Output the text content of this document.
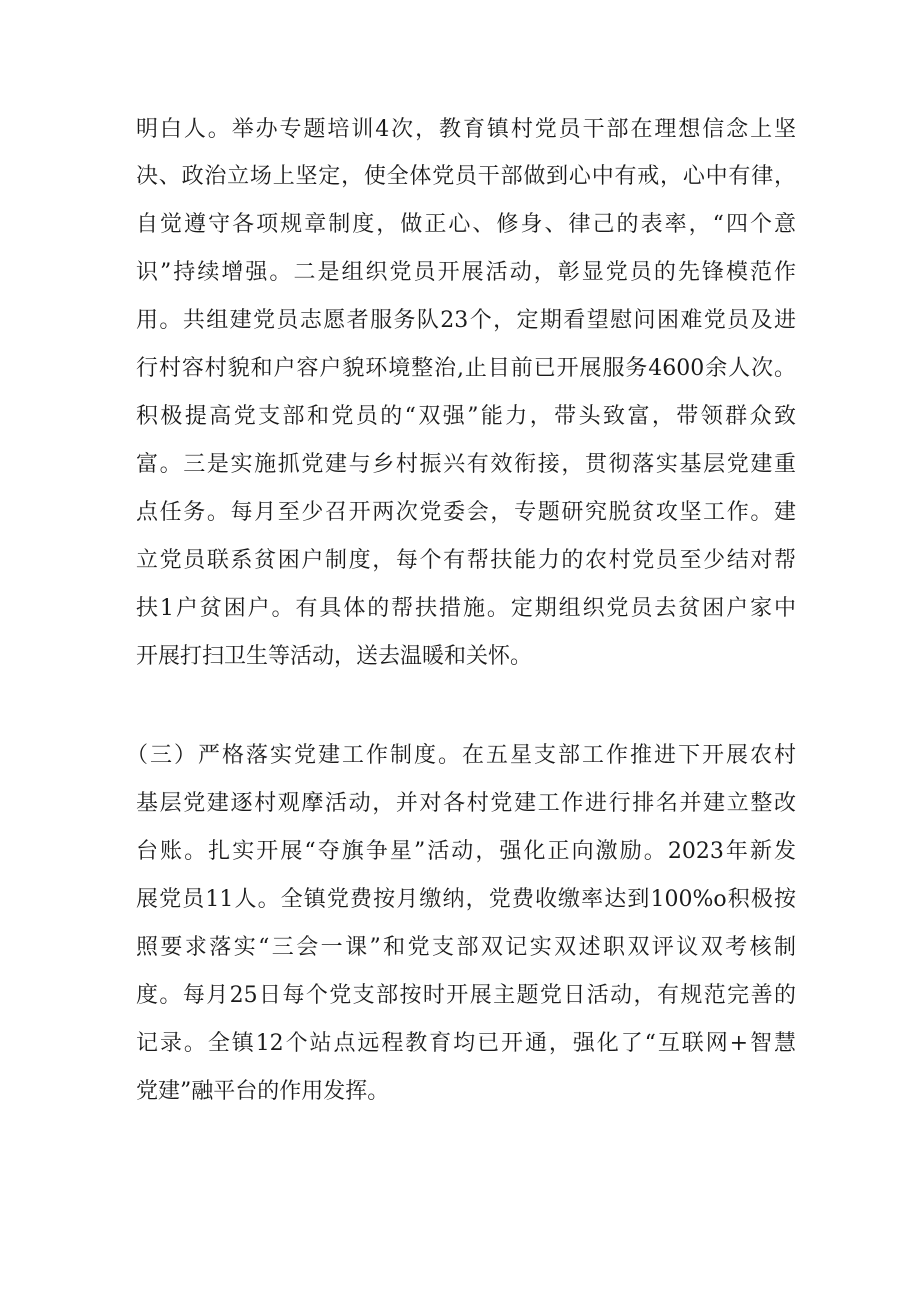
明白人。举办专题培训4次，教育镇村党员干部在理想信念上坚

决、政治立场上坚定，使全体党员干部做到心中有戒，心中有律，

自觉遵守各项规章制度，做正心、修身、律己的表率，“四个意

识”持续增强。二是组织党员开展活动，彰显党员的先锋模范作

用。共组建党员志愿者服务队23个，定期看望慰问困难党员及进

行村容村貌和户容户貌环境整治,止目前已开展服务4600余人次。

积极提高党支部和党员的“双强”能力，带头致富，带领群众致

富。三是实施抓党建与乡村振兴有效衔接，贯彻落实基层党建重

点任务。每月至少召开两次党委会，专题研究脱贫攻坚工作。建

立党员联系贫困户制度，每个有帮扶能力的农村党员至少结对帮

扶1户贫困户。有具体的帮扶措施。定期组织党员去贫困户家中

开展打扫卫生等活动，送去温暖和关怀。

（三）严格落实党建工作制度。在五星支部工作推进下开展农村

基层党建逐村观摩活动，并对各村党建工作进行排名并建立整改

台账。扎实开展“夺旗争星”活动，强化正向激励。2023年新发

展党员11人。全镇党费按月缴纳，党费收缴率达到100%o积极按

照要求落实“三会一课”和党支部双记实双述职双评议双考核制

度。每月25日每个党支部按时开展主题党日活动，有规范完善的

记录。全镇12个站点远程教育均已开通，强化了“互联网+智慧

党建”融平台的作用发挥。
